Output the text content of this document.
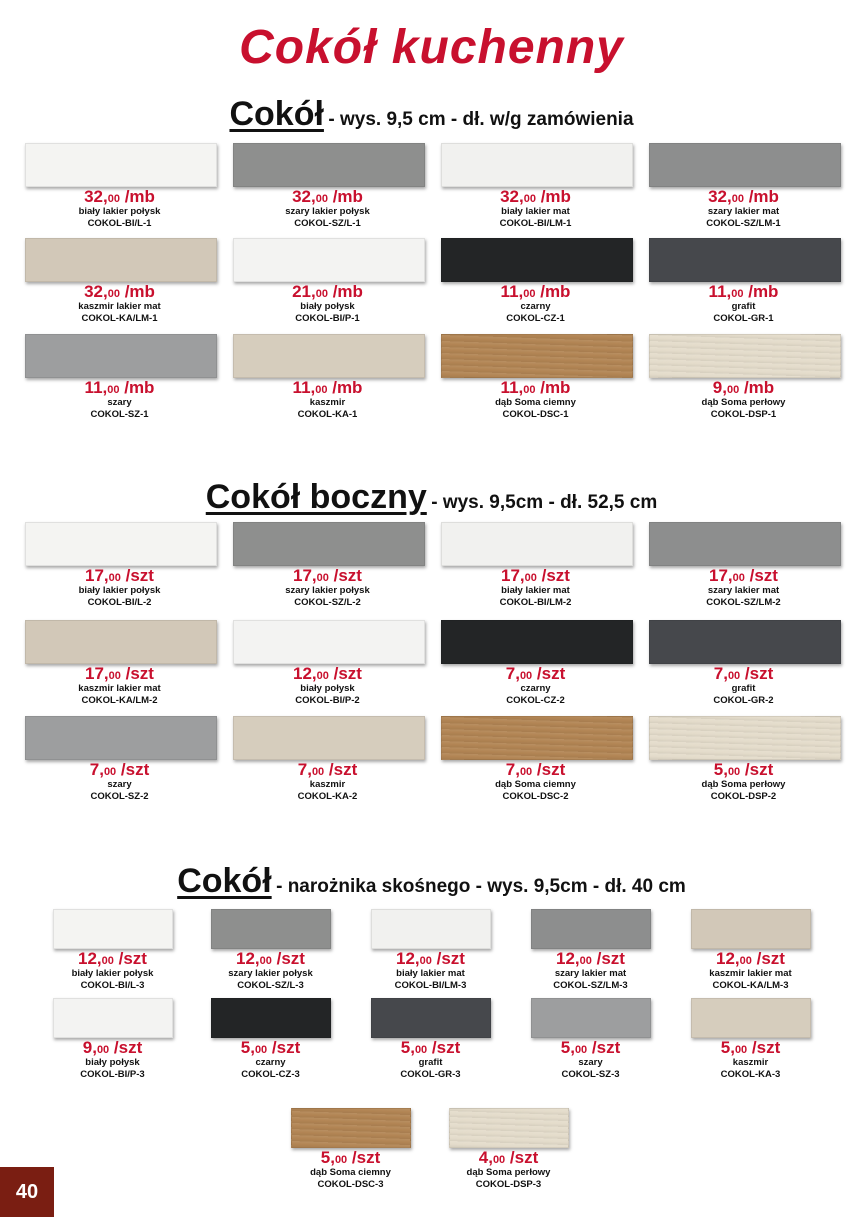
Cokół kuchenny
Cokół - wys. 9,5 cm - dł. w/g zamówienia
Cokół boczny - wys. 9,5cm - dł. 52,5 cm
Cokół - narożnika skośnego - wys. 9,5cm - dł. 40 cm
32,00 /mb
biały lakier połysk
COKOL-BI/L-1
32,00 /mb
szary lakier połysk
COKOL-SZ/L-1
32,00 /mb
biały lakier mat
COKOL-BI/LM-1
32,00 /mb
szary lakier mat
COKOL-SZ/LM-1
32,00 /mb
kaszmir lakier mat
COKOL-KA/LM-1
21,00 /mb
biały połysk
COKOL-BI/P-1
11,00 /mb
czarny
COKOL-CZ-1
11,00 /mb
grafit
COKOL-GR-1
11,00 /mb
szary
COKOL-SZ-1
11,00 /mb
kaszmir
COKOL-KA-1
11,00 /mb
dąb Soma ciemny
COKOL-DSC-1
9,00 /mb
dąb Soma perłowy
COKOL-DSP-1
17,00 /szt
biały lakier połysk
COKOL-BI/L-2
17,00 /szt
szary lakier połysk
COKOL-SZ/L-2
17,00 /szt
biały lakier mat
COKOL-BI/LM-2
17,00 /szt
szary lakier mat
COKOL-SZ/LM-2
17,00 /szt
kaszmir lakier mat
COKOL-KA/LM-2
12,00 /szt
biały połysk
COKOL-BI/P-2
7,00 /szt
czarny
COKOL-CZ-2
7,00 /szt
grafit
COKOL-GR-2
7,00 /szt
szary
COKOL-SZ-2
7,00 /szt
kaszmir
COKOL-KA-2
7,00 /szt
dąb Soma ciemny
COKOL-DSC-2
5,00 /szt
dąb Soma perłowy
COKOL-DSP-2
12,00 /szt
biały lakier połysk
COKOL-BI/L-3
12,00 /szt
szary lakier połysk
COKOL-SZ/L-3
12,00 /szt
biały lakier mat
COKOL-BI/LM-3
12,00 /szt
szary lakier mat
COKOL-SZ/LM-3
12,00 /szt
kaszmir lakier mat
COKOL-KA/LM-3
9,00 /szt
biały połysk
COKOL-BI/P-3
5,00 /szt
czarny
COKOL-CZ-3
5,00 /szt
grafit
COKOL-GR-3
5,00 /szt
szary
COKOL-SZ-3
5,00 /szt
kaszmir
COKOL-KA-3
5,00 /szt
dąb Soma ciemny
COKOL-DSC-3
4,00 /szt
dąb Soma perłowy
COKOL-DSP-3
40
